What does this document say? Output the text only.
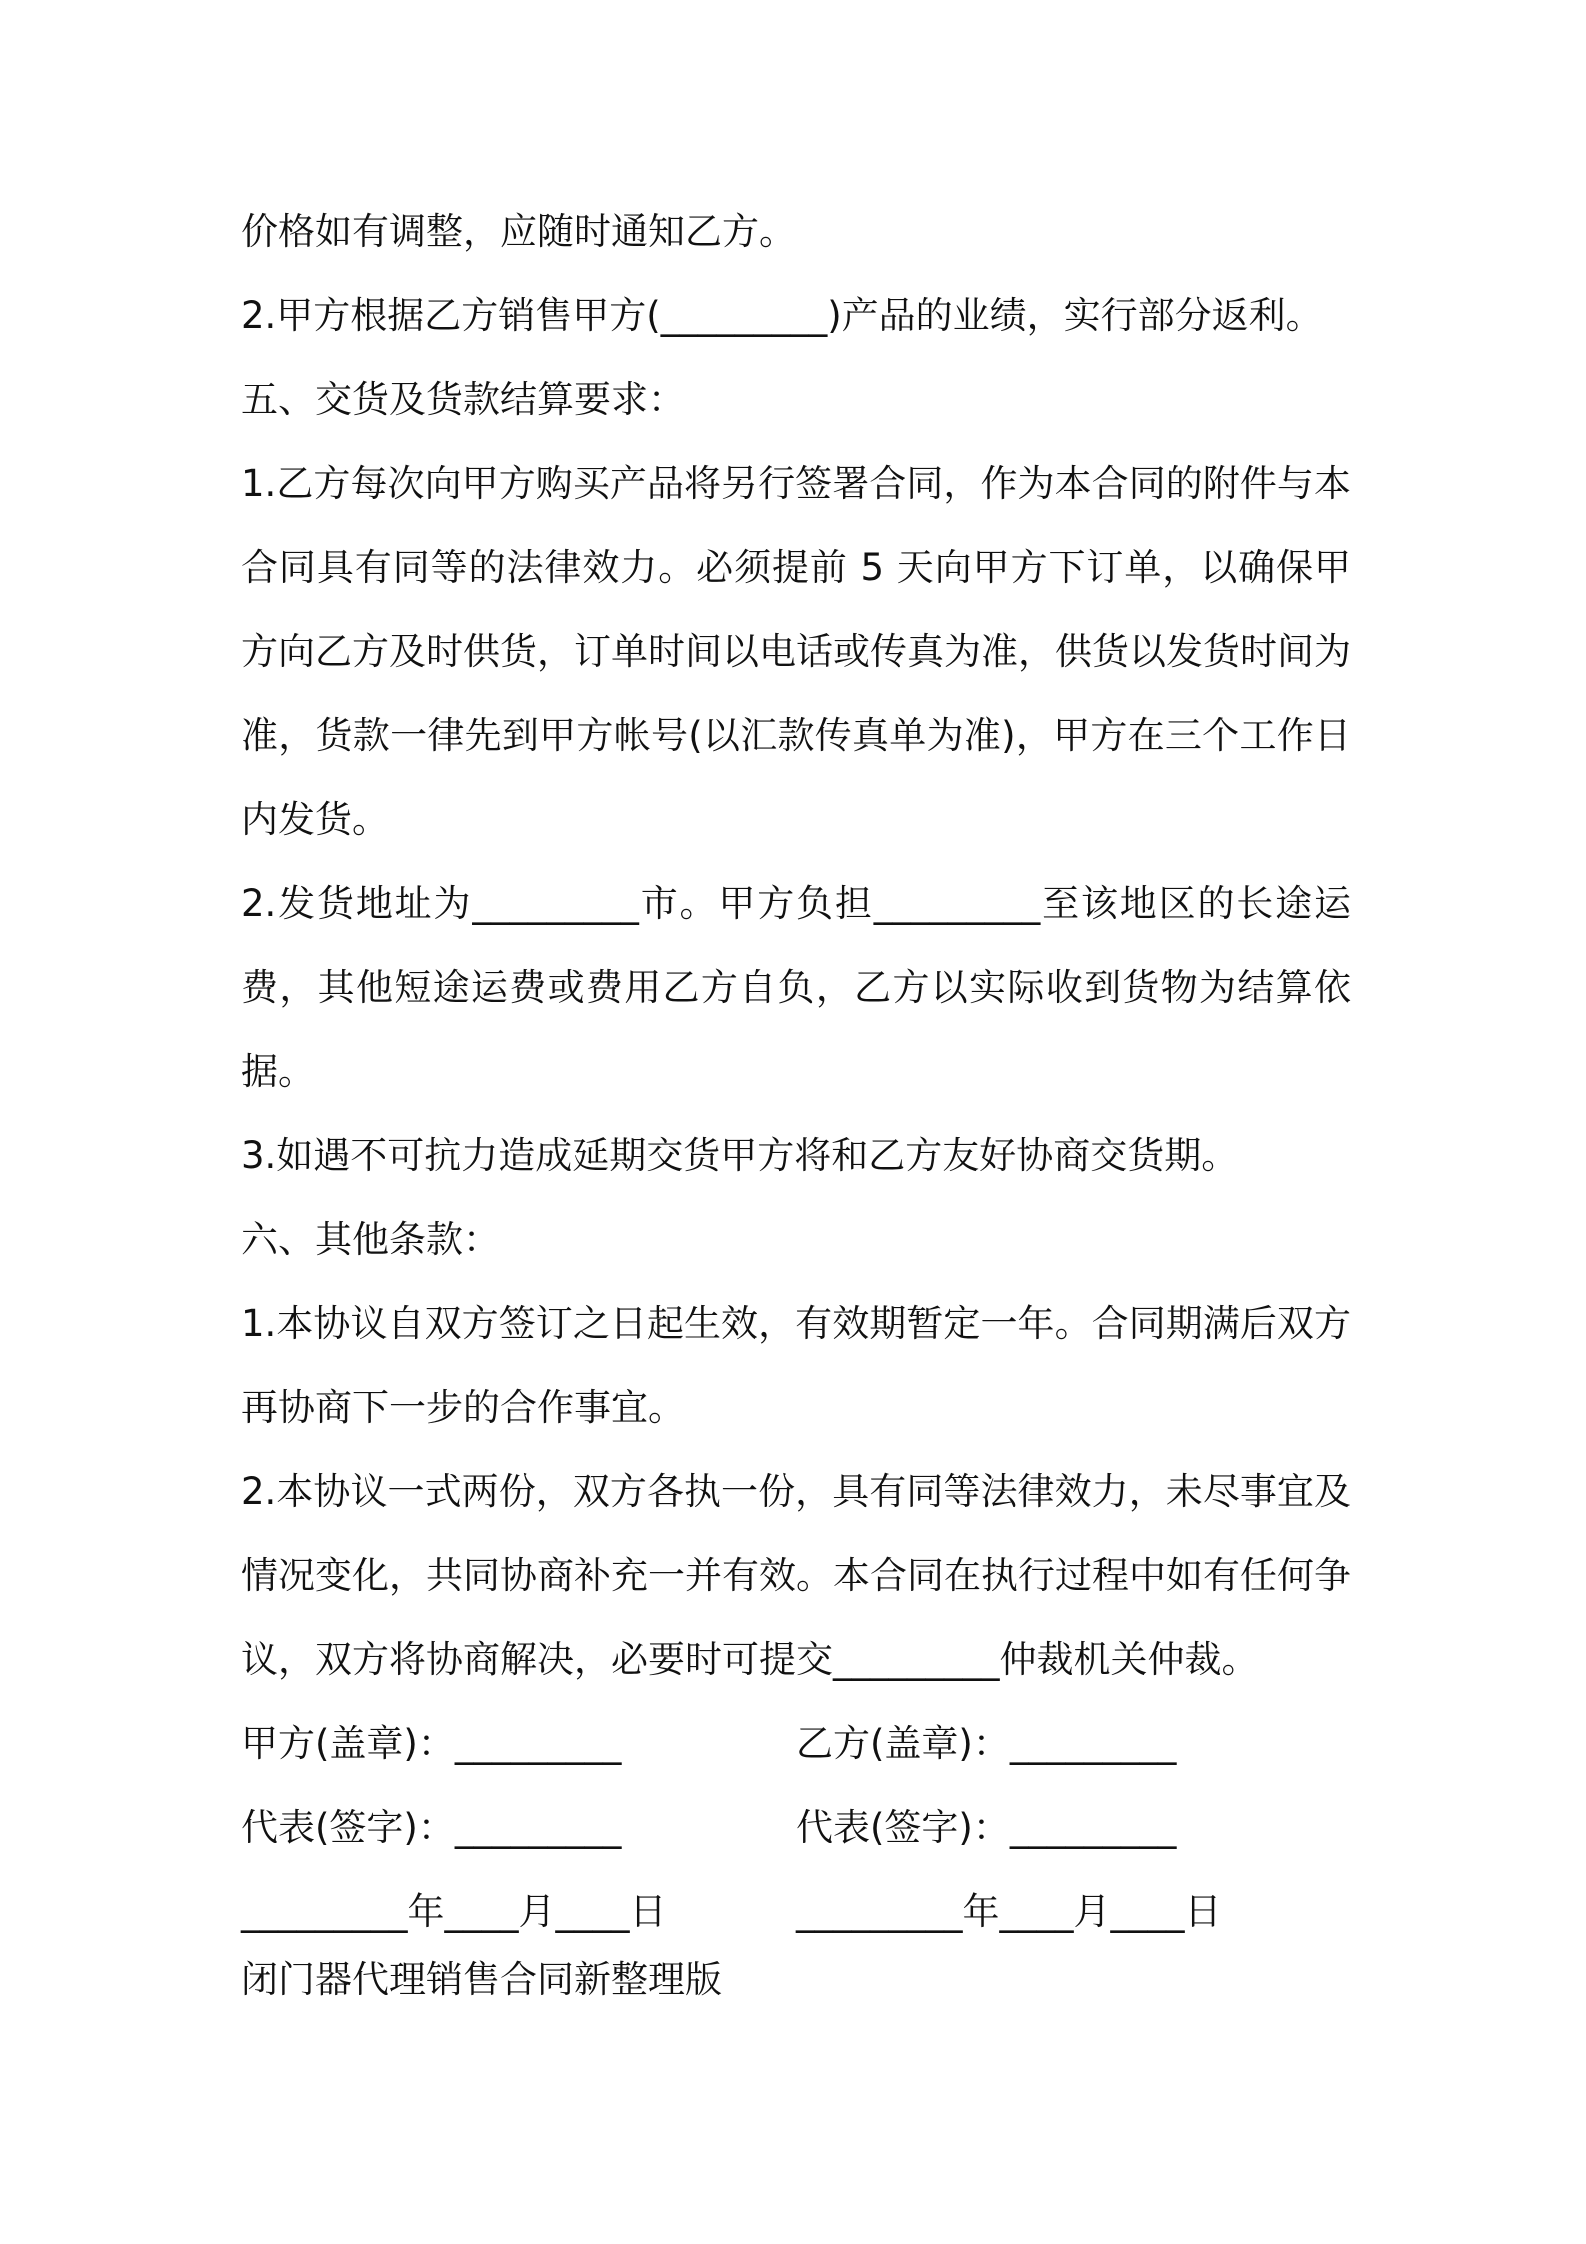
价格如有调整，应随时通知乙方。

2.甲方根据乙方销售甲方(_________)产品的业绩，实行部分返利。

五、交货及货款结算要求：

1.乙方每次向甲方购买产品将另行签署合同，作为本合同的附件与本合同具有同等的法律效力。必须提前 5 天向甲方下订单，以确保甲方向乙方及时供货，订单时间以电话或传真为准，供货以发货时间为准，货款一律先到甲方帐号(以汇款传真单为准)，甲方在三个工作日内发货。

2.发货地址为_________市。甲方负担_________至该地区的长途运费，其他短途运费或费用乙方自负，乙方以实际收到货物为结算依据。

3.如遇不可抗力造成延期交货甲方将和乙方友好协商交货期。

六、其他条款：

1.本协议自双方签订之日起生效，有效期暂定一年。合同期满后双方再协商下一步的合作事宜。

2.本协议一式两份，双方各执一份，具有同等法律效力，未尽事宜及情况变化，共同协商补充一并有效。本合同在执行过程中如有任何争议，双方将协商解决，必要时可提交_________仲裁机关仲裁。

甲方(盖章)：_________	乙方(盖章)：_________
代表(签字)：_________	代表(签字)：_________
_________年____月____日	_________年____月____日

闭门器代理销售合同新整理版
